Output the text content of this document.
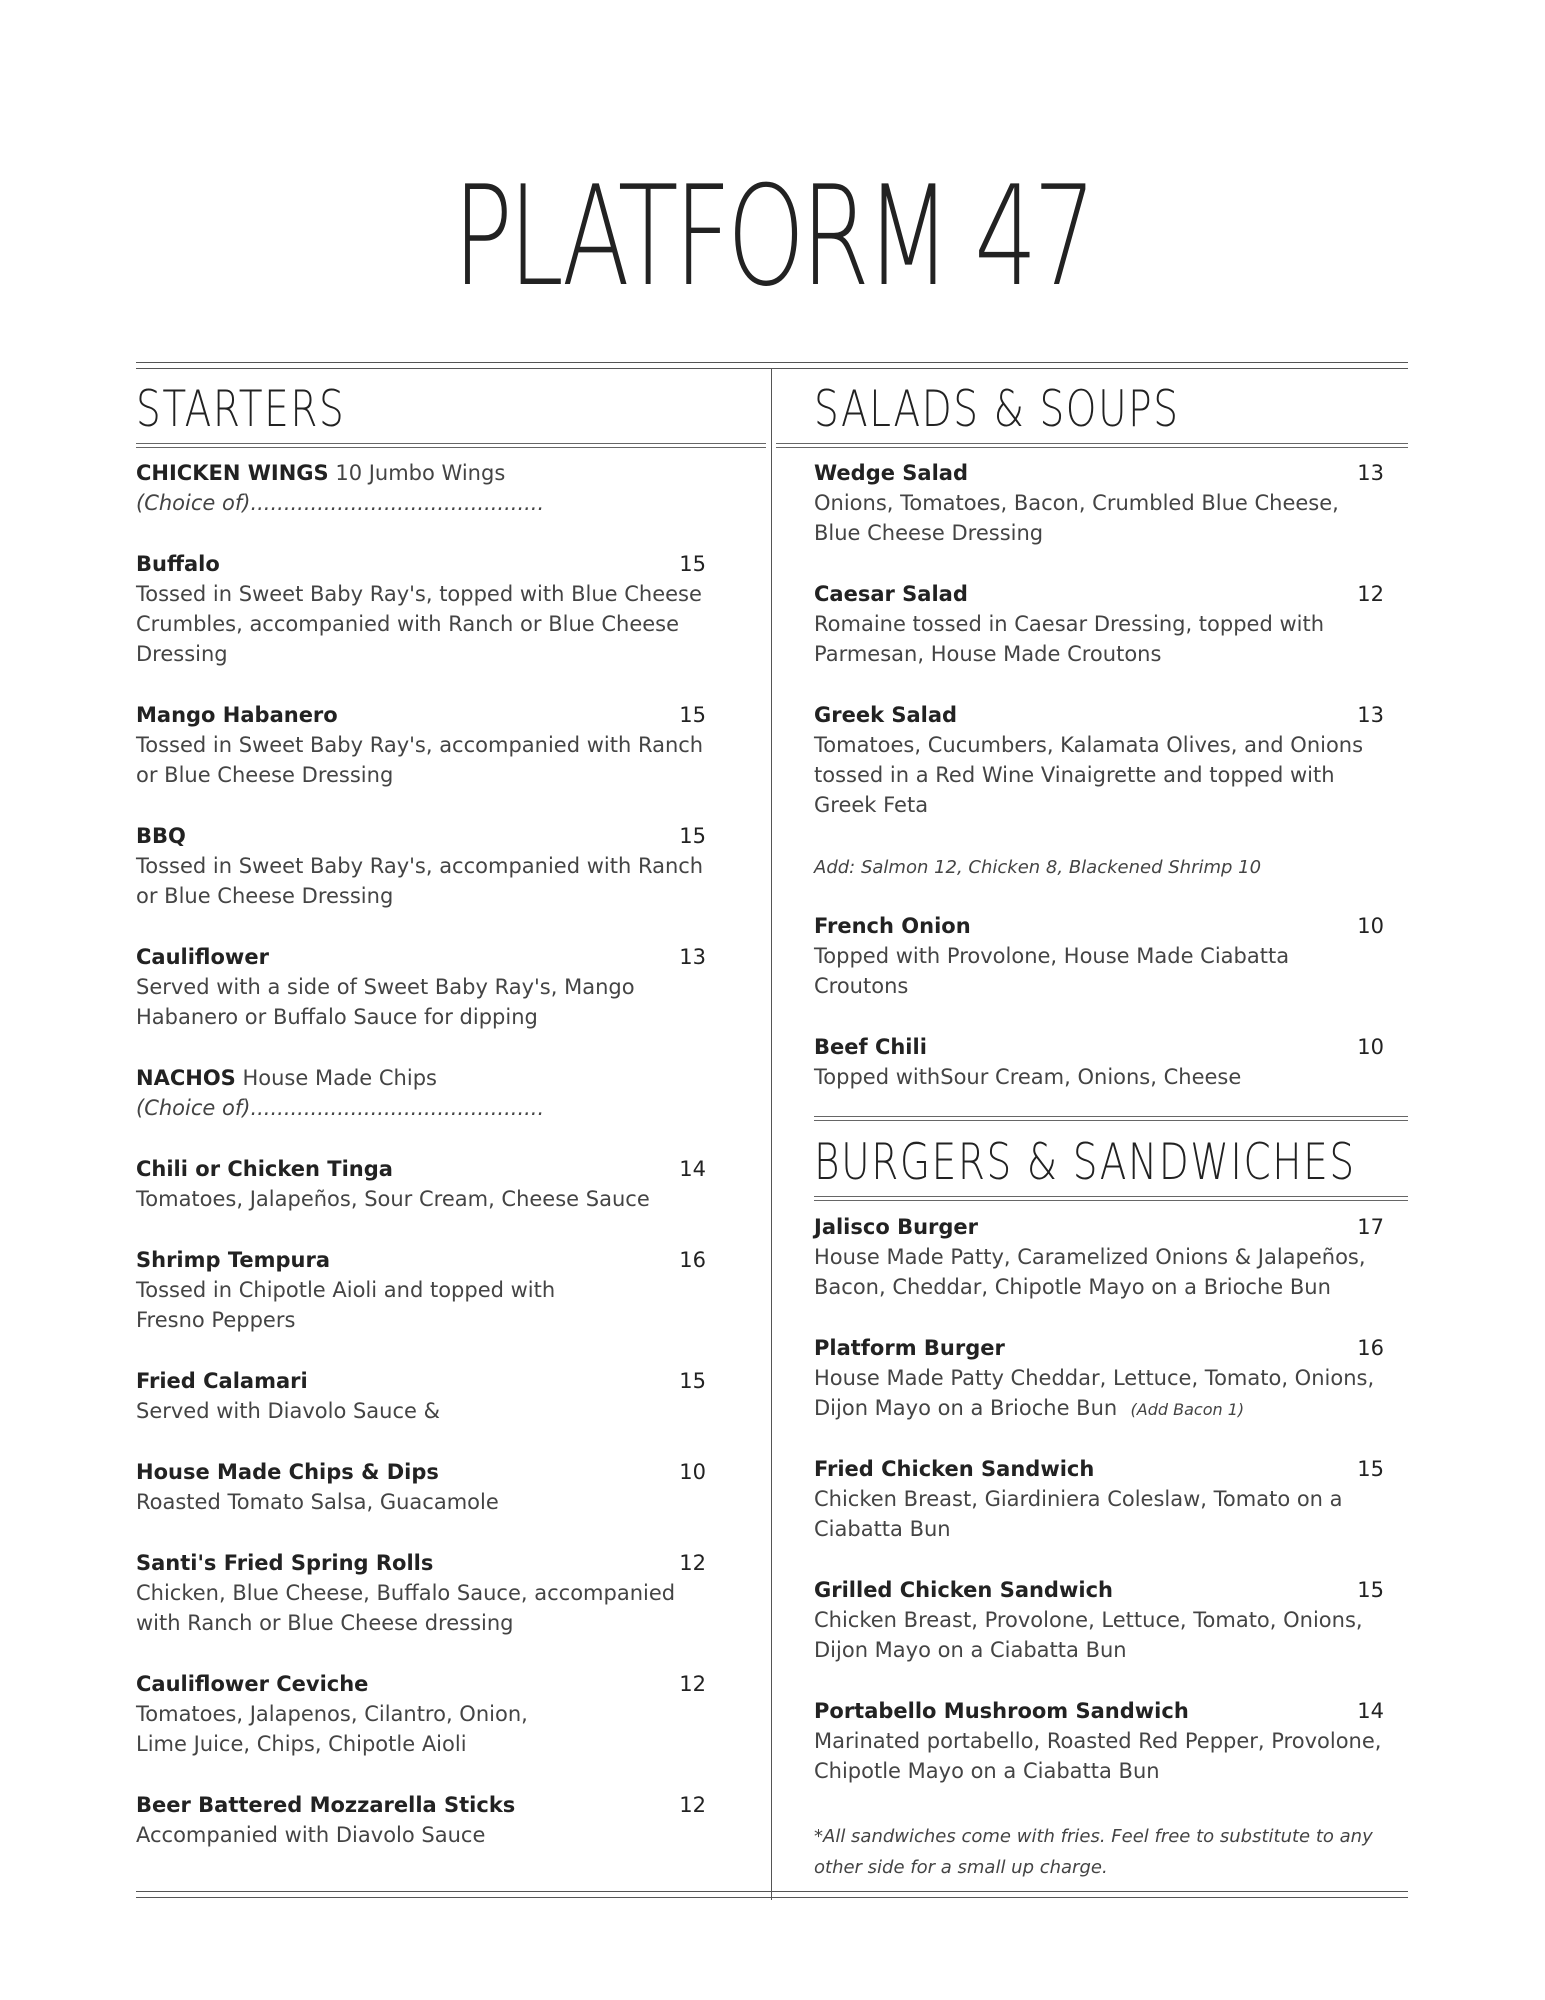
PLATFORM 47
STARTERS
CHICKEN WINGS 10 Jumbo Wings
(Choice of)............................................
Buffalo	15
Tossed in Sweet Baby Ray's, topped with Blue Cheese Crumbles, accompanied with Ranch or Blue Cheese Dressing
Mango Habanero	15
Tossed in Sweet Baby Ray's, accompanied with Ranch or Blue Cheese Dressing
BBQ	15
Tossed in Sweet Baby Ray's, accompanied with Ranch or Blue Cheese Dressing
Cauliflower	13
Served with a side of Sweet Baby Ray's, Mango Habanero or Buffalo Sauce for dipping
NACHOS House Made Chips
(Choice of)............................................
Chili or Chicken Tinga	14
Tomatoes, Jalapeños, Sour Cream, Cheese Sauce
Shrimp Tempura	16
Tossed in Chipotle Aioli and topped with Fresno Peppers
Fried Calamari	15
Served with Diavolo Sauce &
House Made Chips & Dips	10
Roasted Tomato Salsa, Guacamole
Santi's Fried Spring Rolls	12
Chicken, Blue Cheese, Buffalo Sauce, accompanied with Ranch or Blue Cheese dressing
Cauliflower Ceviche	12
Tomatoes, Jalapenos, Cilantro, Onion, Lime Juice, Chips, Chipotle Aioli
Beer Battered Mozzarella Sticks	12
Accompanied with Diavolo Sauce
SALADS & SOUPS
Wedge Salad	13
Onions, Tomatoes, Bacon, Crumbled Blue Cheese, Blue Cheese Dressing
Caesar Salad	12
Romaine tossed in Caesar Dressing, topped with Parmesan, House Made Croutons
Greek Salad	13
Tomatoes, Cucumbers, Kalamata Olives, and Onions tossed in a Red Wine Vinaigrette and topped with Greek Feta
Add: Salmon 12, Chicken 8, Blackened Shrimp 10
French Onion	10
Topped with Provolone, House Made Ciabatta Croutons
Beef Chili	10
Topped withSour Cream, Onions, Cheese
BURGERS & SANDWICHES
Jalisco Burger	17
House Made Patty, Caramelized Onions & Jalapeños, Bacon, Cheddar, Chipotle Mayo on a Brioche Bun
Platform Burger	16
House Made Patty Cheddar, Lettuce, Tomato, Onions, Dijon Mayo on a Brioche Bun (Add Bacon 1)
Fried Chicken Sandwich	15
Chicken Breast, Giardiniera Coleslaw, Tomato on a Ciabatta Bun
Grilled Chicken Sandwich	15
Chicken Breast, Provolone, Lettuce, Tomato, Onions, Dijon Mayo on a Ciabatta Bun
Portabello Mushroom Sandwich	14
Marinated portabello, Roasted Red Pepper, Provolone, Chipotle Mayo on a Ciabatta Bun
*All sandwiches come with fries. Feel free to substitute to any other side for a small up charge.
